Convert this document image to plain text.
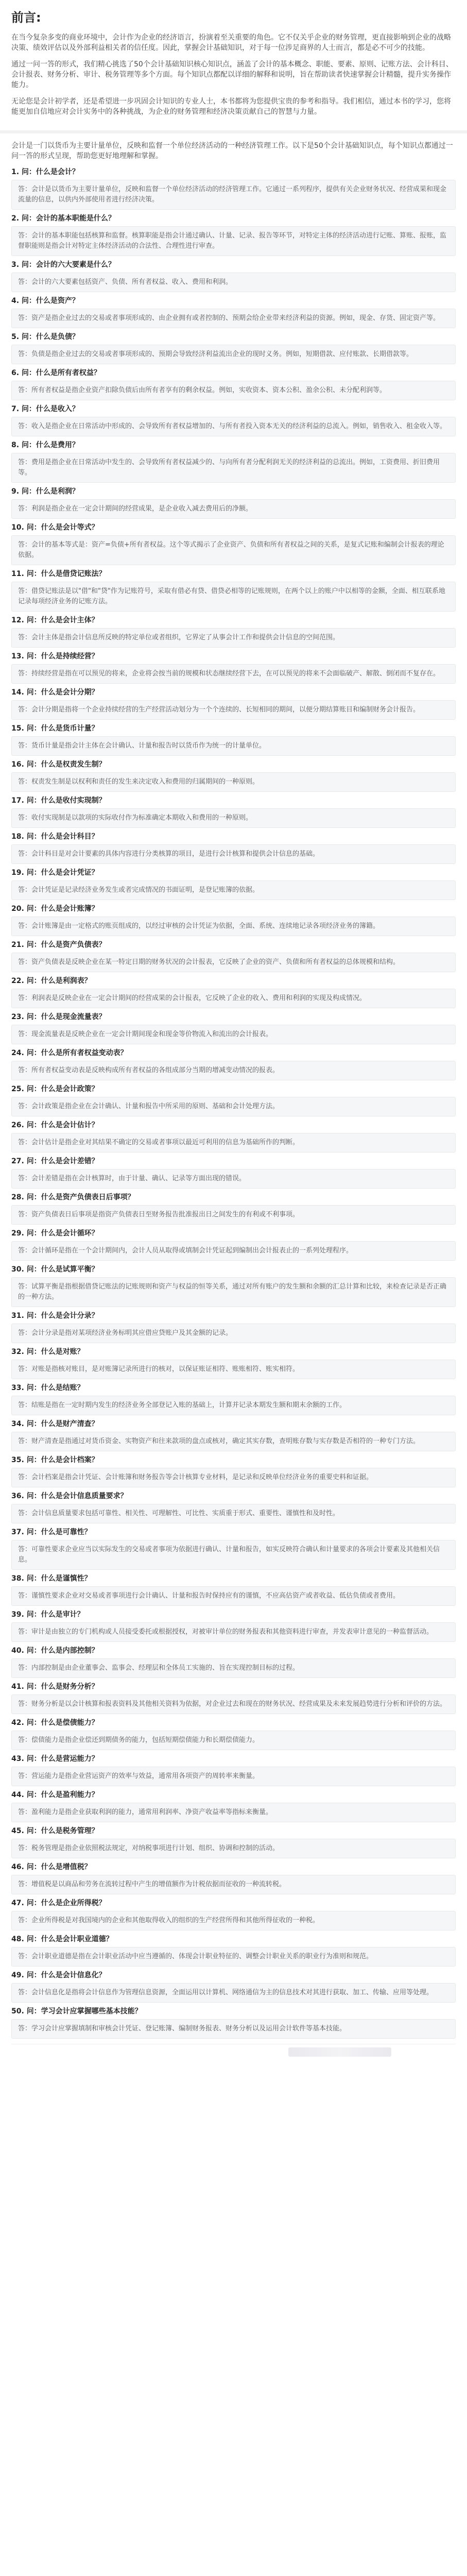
前言:

在当今复杂多变的商业环境中，会计作为企业的经济语言，扮演着至关重要的角色。它不仅关乎企业的财务管理，更直接影响到企业的战略决策、绩效评估以及外部利益相关者的信任度。因此，掌握会计基础知识，对于每一位涉足商界的人士而言，都是必不可少的技能。

通过一问一答的形式，我们精心挑选了50个会计基础知识核心知识点，涵盖了会计的基本概念、职能、要素、原则、记账方法、会计科目、会计报表、财务分析、审计、税务管理等多个方面。每个知识点都配以详细的解释和说明，旨在帮助读者快速掌握会计精髓，提升实务操作能力。

无论您是会计初学者，还是希望进一步巩固会计知识的专业人士，本书都将为您提供宝贵的参考和指导。我们相信，通过本书的学习，您将能更加自信地应对会计实务中的各种挑战，为企业的财务管理和经济决策贡献自己的智慧与力量。

会计是一门以货币为主要计量单位，反映和监督一个单位经济活动的一种经济管理工作。以下是50个会计基础知识点，每个知识点都通过一问一答的形式呈现，帮助您更好地理解和掌握。

1. 问：什么是会计？

答：会计是以货币为主要计量单位，反映和监督一个单位经济活动的经济管理工作。它通过一系列程序，提供有关企业财务状况、经营成果和现金流量的信息，以供内外部使用者进行经济决策。

2. 问：会计的基本职能是什么？

答：会计的基本职能包括核算和监督。核算职能是指会计通过确认、计量、记录、报告等环节，对特定主体的经济活动进行记账、算账、报账，监督职能则是指会计对特定主体经济活动的合法性、合理性进行审查。

3. 问：会计的六大要素是什么？

答：会计的六大要素包括资产、负债、所有者权益、收入、费用和利润。

4. 问：什么是资产？

答：资产是指企业过去的交易或者事项形成的、由企业拥有或者控制的、预期会给企业带来经济利益的资源。例如，现金、存货、固定资产等。

5. 问：什么是负债？

答：负债是指企业过去的交易或者事项形成的、预期会导致经济利益流出企业的现时义务。例如，短期借款、应付账款、长期借款等。

6. 问：什么是所有者权益？

答：所有者权益是指企业资产扣除负债后由所有者享有的剩余权益。例如，实收资本、资本公积、盈余公积、未分配利润等。

7. 问：什么是收入？

答：收入是指企业在日常活动中形成的、会导致所有者权益增加的、与所有者投入资本无关的经济利益的总流入。例如，销售收入、租金收入等。

8. 问：什么是费用？

答：费用是指企业在日常活动中发生的、会导致所有者权益减少的、与向所有者分配利润无关的经济利益的总流出。例如，工资费用、折旧费用等。

9. 问：什么是利润？

答：利润是指企业在一定会计期间的经营成果，是企业收入减去费用后的净额。

10. 问：什么是会计等式？

答：会计的基本等式是：资产=负债+所有者权益。这个等式揭示了企业资产、负债和所有者权益之间的关系，是复式记账和编制会计报表的理论依据。

11. 问：什么是借贷记账法？

答：借贷记账法是以"借"和"贷"作为记账符号，采取有借必有贷、借贷必相等的记账规则，在两个以上的账户中以相等的金额，全面、相互联系地记录每项经济业务的记账方法。

12. 问：什么是会计主体？

答：会计主体是指会计信息所反映的特定单位或者组织，它界定了从事会计工作和提供会计信息的空间范围。

13. 问：什么是持续经营？

答：持续经营是指在可以预见的将来，企业将会按当前的规模和状态继续经营下去，在可以预见的将来不会面临破产、解散、倒闭而不复存在。

14. 问：什么是会计分期？

答：会计分期是指将一个企业持续经营的生产经营活动划分为一个个连续的、长短相同的期间，以便分期结算账目和编制财务会计报告。

15. 问：什么是货币计量？

答：货币计量是指会计主体在会计确认、计量和报告时以货币作为统一的计量单位。

16. 问：什么是权责发生制？

答：权责发生制是以权利和责任的发生来决定收入和费用的归属期间的一种原则。

17. 问：什么是收付实现制？

答：收付实现制是以款项的实际收付作为标准确定本期收入和费用的一种原则。

18. 问：什么是会计科目？

答：会计科目是对会计要素的具体内容进行分类核算的项目，是进行会计核算和提供会计信息的基础。

19. 问：什么是会计凭证？

答：会计凭证是记录经济业务发生或者完成情况的书面证明，是登记账簿的依据。

20. 问：什么是会计账簿？

答：会计账簿是由一定格式的账页组成的，以经过审核的会计凭证为依据，全面、系统、连续地记录各项经济业务的簿籍。

21. 问：什么是资产负债表？

答：资产负债表是反映企业在某一特定日期的财务状况的会计报表，它反映了企业的资产、负债和所有者权益的总体规模和结构。

22. 问：什么是利润表？

答：利润表是反映企业在一定会计期间的经营成果的会计报表，它反映了企业的收入、费用和利润的实现及构成情况。

23. 问：什么是现金流量表？

答：现金流量表是反映企业在一定会计期间现金和现金等价物流入和流出的会计报表。

24. 问：什么是所有者权益变动表？

答：所有者权益变动表是反映构成所有者权益的各组成部分当期的增减变动情况的报表。

25. 问：什么是会计政策？

答：会计政策是指企业在会计确认、计量和报告中所采用的原则、基础和会计处理方法。

26. 问：什么是会计估计？

答：会计估计是指企业对其结果不确定的交易或者事项以最近可利用的信息为基础所作的判断。

27. 问：什么是会计差错？

答：会计差错是指在会计核算时，由于计量、确认、记录等方面出现的错误。

28. 问：什么是资产负债表日后事项？

答：资产负债表日后事项是指资产负债表日至财务报告批准报出日之间发生的有利或不利事项。

29. 问：什么是会计循环？

答：会计循环是指在一个会计期间内，会计人员从取得或填制会计凭证起到编制出会计报表止的一系列处理程序。

30. 问：什么是试算平衡？

答：试算平衡是指根据借贷记账法的记账规则和资产与权益的恒等关系，通过对所有账户的发生额和余额的汇总计算和比较，来检查记录是否正确的一种方法。

31. 问：什么是会计分录？

答：会计分录是指对某项经济业务标明其应借应贷账户及其金额的记录。

32. 问：什么是对账？

答：对账是指核对账目，是对账簿记录所进行的核对，以保证账证相符、账账相符、账实相符。

33. 问：什么是结账？

答：结账是指在一定时期内发生的经济业务全部登记入账的基础上，计算并记录本期发生额和期末余额的工作。

34. 问：什么是财产清查？

答：财产清查是指通过对货币资金、实物资产和往来款项的盘点或核对，确定其实存数，查明账存数与实存数是否相符的一种专门方法。

35. 问：什么是会计档案？

答：会计档案是指会计凭证、会计账簿和财务报告等会计核算专业材料，是记录和反映单位经济业务的重要史料和证据。

36. 问：什么是会计信息质量要求？

答：会计信息质量要求包括可靠性、相关性、可理解性、可比性、实质重于形式、重要性、谨慎性和及时性。

37. 问：什么是可靠性？

答：可靠性要求企业应当以实际发生的交易或者事项为依据进行确认、计量和报告，如实反映符合确认和计量要求的各项会计要素及其他相关信息。

38. 问：什么是谨慎性？

答：谨慎性要求企业对交易或者事项进行会计确认、计量和报告时保持应有的谨慎，不应高估资产或者收益、低估负债或者费用。

39. 问：什么是审计？

答：审计是由独立的专门机构或人员接受委托或根据授权，对被审计单位的财务报表和其他资料进行审查，并发表审计意见的一种监督活动。

40. 问：什么是内部控制？

答：内部控制是由企业董事会、监事会、经理层和全体员工实施的、旨在实现控制目标的过程。

41. 问：什么是财务分析？

答：财务分析是以会计核算和报表资料及其他相关资料为依据，对企业过去和现在的财务状况、经营成果及未来发展趋势进行分析和评价的方法。

42. 问：什么是偿债能力？

答：偿债能力是指企业偿还到期债务的能力，包括短期偿债能力和长期偿债能力。

43. 问：什么是营运能力？

答：营运能力是指企业营运资产的效率与效益，通常用各项资产的周转率来衡量。

44. 问：什么是盈利能力？

答：盈利能力是指企业获取利润的能力，通常用利润率、净资产收益率等指标来衡量。

45. 问：什么是税务管理？

答：税务管理是指企业依照税法规定，对纳税事项进行计划、组织、协调和控制的活动。

46. 问：什么是增值税？

答：增值税是以商品和劳务在流转过程中产生的增值额作为计税依据而征收的一种流转税。

47. 问：什么是企业所得税？

答：企业所得税是对我国境内的企业和其他取得收入的组织的生产经营所得和其他所得征收的一种税。

48. 问：什么是会计职业道德？

答：会计职业道德是指在会计职业活动中应当遵循的、体现会计职业特征的、调整会计职业关系的职业行为准则和规范。

49. 问：什么是会计信息化？

答：会计信息化是指将会计信息作为管理信息资源，全面运用以计算机、网络通信为主的信息技术对其进行获取、加工、传输、应用等处理。

50. 问：学习会计应掌握哪些基本技能？

答：学习会计应掌握填制和审核会计凭证、登记账簿、编制财务报表、财务分析以及运用会计软件等基本技能。
